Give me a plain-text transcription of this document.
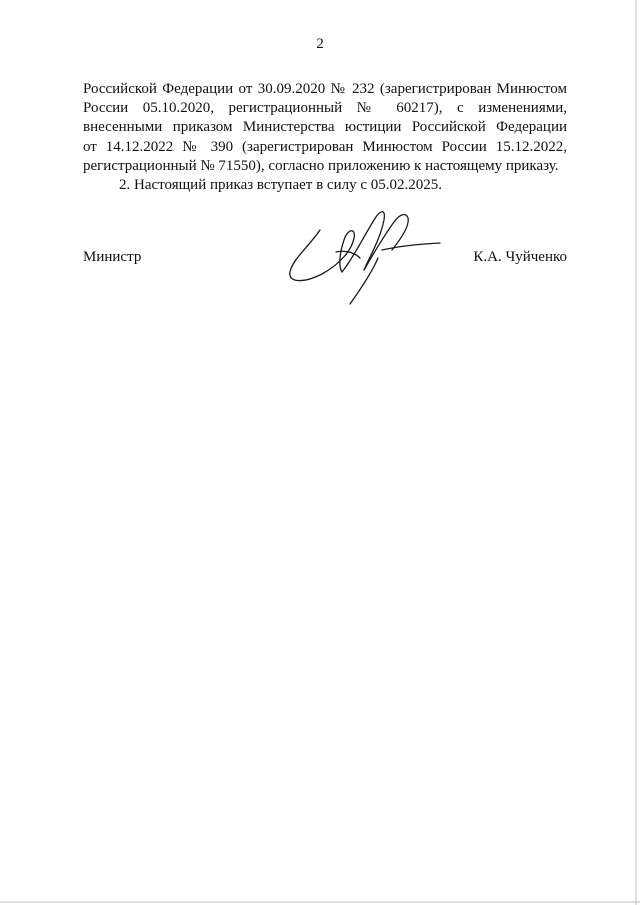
2
Российской Федерации от 30.09.2020 № 232 (зарегистрирован Минюстом
России 05.10.2020, регистрационный № 60217), с изменениями,
внесенными приказом Министерства юстиции Российской Федерации
от 14.12.2022 № 390 (зарегистрирован Минюстом России 15.12.2022,
регистрационный № 71550), согласно приложению к настоящему приказу.
2. Настоящий приказ вступает в силу с 05.02.2025.
Министр	К.А. Чуйченко
